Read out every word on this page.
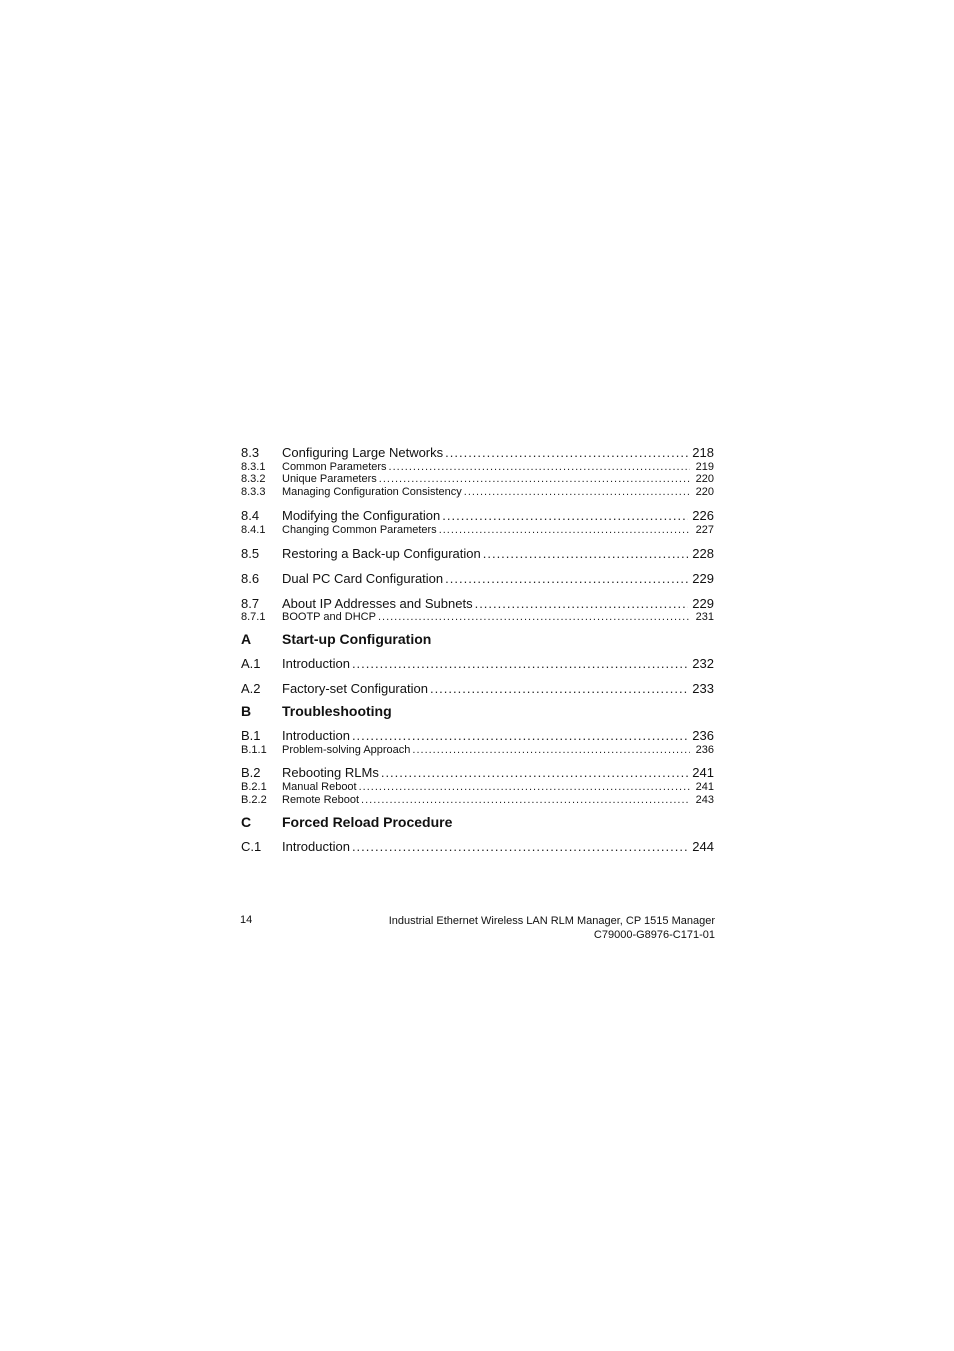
8.3 Configuring Large Networks .....	218
8.3.1 Common Parameters .....	219
8.3.2 Unique Parameters .....	220
8.3.3 Managing Configuration Consistency .....	220
8.4 Modifying the Configuration .....	226
8.4.1 Changing Common Parameters .....	227
8.5 Restoring a Back-up Configuration .....	228
8.6 Dual PC Card Configuration .....	229
8.7 About IP Addresses and Subnets .....	229
8.7.1 BOOTP and DHCP .....	231
A Start-up Configuration
A.1 Introduction .....	232
A.2 Factory-set Configuration .....	233
B Troubleshooting
B.1 Introduction .....	236
B.1.1 Problem-solving Approach .....	236
B.2 Rebooting RLMs .....	241
B.2.1 Manual Reboot .....	241
B.2.2 Remote Reboot .....	243
C Forced Reload Procedure
C.1 Introduction .....	244
14	Industrial Ethernet Wireless LAN RLM Manager, CP 1515 Manager
C79000-G8976-C171-01
